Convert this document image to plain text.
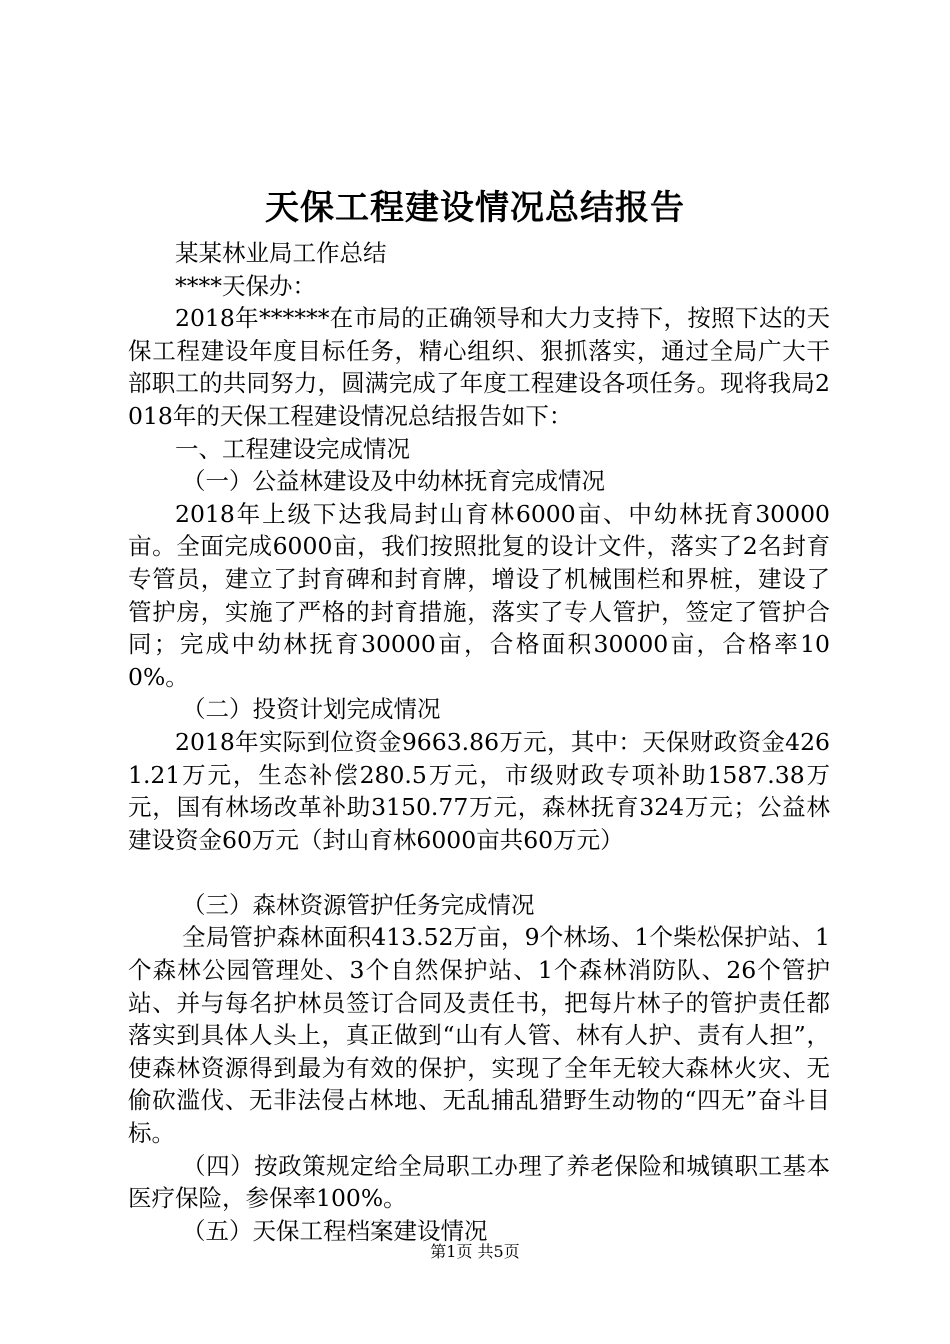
天保工程建设情况总结报告

某某林业局工作总结

****天保办：

2018年******在市局的正确领导和大力支持下，按照下达的天保工程建设年度目标任务，精心组织、狠抓落实，通过全局广大干部职工的共同努力，圆满完成了年度工程建设各项任务。现将我局2018年的天保工程建设情况总结报告如下：

一、工程建设完成情况

（一）公益林建设及中幼林抚育完成情况

2018年上级下达我局封山育林6000亩、中幼林抚育30000亩。全面完成6000亩，我们按照批复的设计文件，落实了2名封育专管员，建立了封育碑和封育牌，增设了机械围栏和界桩，建设了管护房，实施了严格的封育措施，落实了专人管护，签定了管护合同；完成中幼林抚育30000亩，合格面积30000亩，合格率100%。

（二）投资计划完成情况

2018年实际到位资金9663.86万元，其中：天保财政资金4261.21万元，生态补偿280.5万元，市级财政专项补助1587.38万元，国有林场改革补助3150.77万元，森林抚育324万元；公益林建设资金60万元（封山育林6000亩共60万元）

（三）森林资源管护任务完成情况

全局管护森林面积413.52万亩，9个林场、1个柴松保护站、1个森林公园管理处、3个自然保护站、1个森林消防队、26个管护站、并与每名护林员签订合同及责任书，把每片林子的管护责任都落实到具体人头上，真正做到“山有人管、林有人护、责有人担”，使森林资源得到最为有效的保护，实现了全年无较大森林火灾、无偷砍滥伐、无非法侵占林地、无乱捕乱猎野生动物的“四无”奋斗目标。

（四）按政策规定给全局职工办理了养老保险和城镇职工基本医疗保险，参保率100%。

（五）天保工程档案建设情况

第1页 共5页
